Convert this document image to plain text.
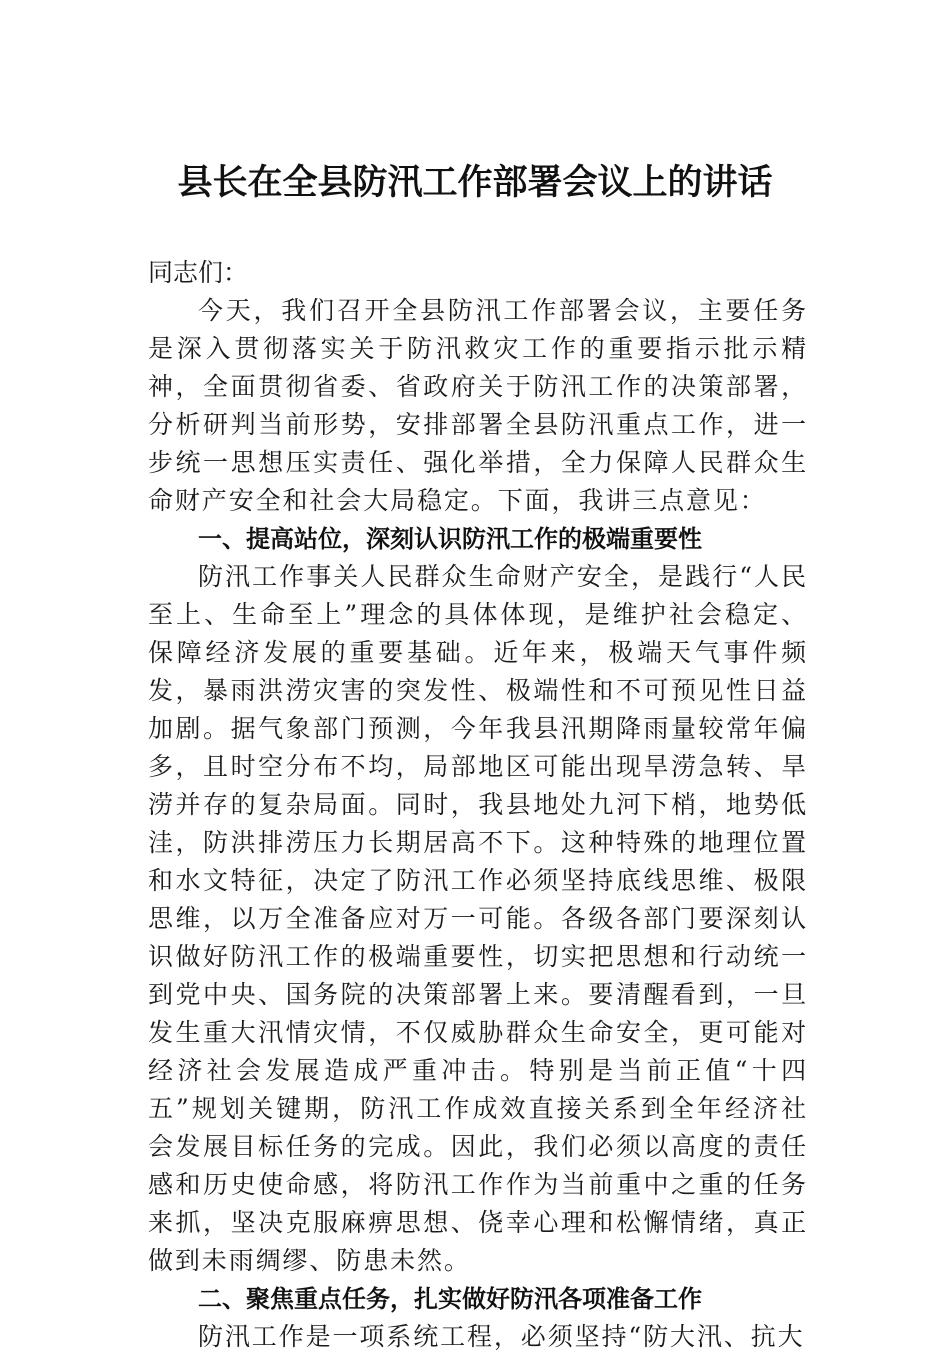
县长在全县防汛工作部署会议上的讲话

同志们：

今天，我们召开全县防汛工作部署会议，主要任务是深入贯彻落实关于防汛救灾工作的重要指示批示精神，全面贯彻省委、省政府关于防汛工作的决策部署，分析研判当前形势，安排部署全县防汛重点工作，进一步统一思想压实责任、强化举措，全力保障人民群众生命财产安全和社会大局稳定。下面，我讲三点意见：

一、提高站位，深刻认识防汛工作的极端重要性

防汛工作事关人民群众生命财产安全，是践行“人民至上、生命至上”理念的具体体现，是维护社会稳定、保障经济发展的重要基础。近年来，极端天气事件频发，暴雨洪涝灾害的突发性、极端性和不可预见性日益加剧。据气象部门预测，今年我县汛期降雨量较常年偏多，且时空分布不均，局部地区可能出现旱涝急转、旱涝并存的复杂局面。同时，我县地处九河下梢，地势低洼，防洪排涝压力长期居高不下。这种特殊的地理位置和水文特征，决定了防汛工作必须坚持底线思维、极限思维，以万全准备应对万一可能。各级各部门要深刻认识做好防汛工作的极端重要性，切实把思想和行动统一到党中央、国务院的决策部署上来。要清醒看到，一旦发生重大汛情灾情，不仅威胁群众生命安全，更可能对经济社会发展造成严重冲击。特别是当前正值“十四五”规划关键期，防汛工作成效直接关系到全年经济社会发展目标任务的完成。因此，我们必须以高度的责任感和历史使命感，将防汛工作作为当前重中之重的任务来抓，坚决克服麻痹思想、侥幸心理和松懈情绪，真正做到未雨绸缪、防患未然。

二、聚焦重点任务，扎实做好防汛各项准备工作

防汛工作是一项系统工程，必须坚持“防大汛、抗大
